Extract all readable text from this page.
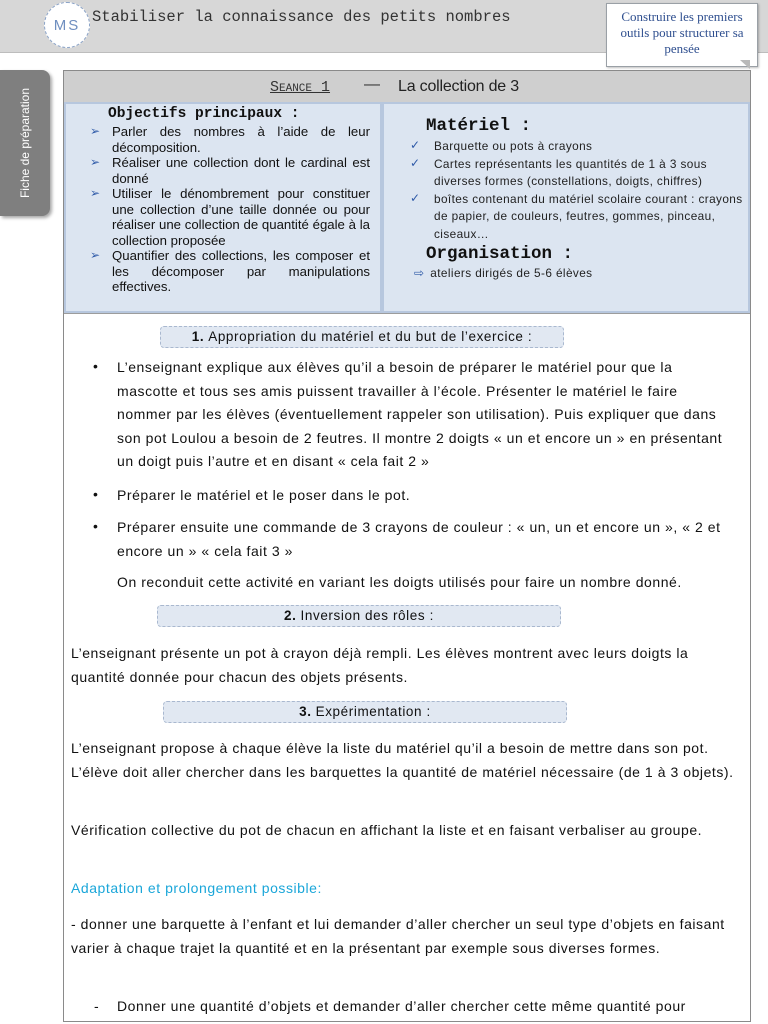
MS Stabiliser la connaissance des petits nombres	Construire les premiers outils pour structurer sa pensée
Fiche de préparation
Seance 1 — La collection de 3
Objectifs principaux :
➢ Parler des nombres à l’aide de leur décomposition.
➢ Réaliser une collection dont le cardinal est donné
➢ Utiliser le dénombrement pour constituer une collection d’une taille donnée ou pour réaliser une collection de quantité égale à la collection proposée
➢ Quantifier des collections, les composer et les décomposer par manipulations effectives.
Matériel :
✓ Barquette ou pots à crayons
✓ Cartes représentants les quantités de 1 à 3 sous diverses formes (constellations, doigts, chiffres)
✓ boîtes contenant du matériel scolaire courant : crayons de papier, de couleurs, feutres, gommes, pinceau, ciseaux…
Organisation :
⇨ ateliers dirigés de 5-6 élèves
1. Appropriation du matériel et du but de l’exercice :
• L’enseignant explique aux élèves qu’il a besoin de préparer le matériel pour que la mascotte et tous ses amis puissent travailler à l’école. Présenter le matériel le faire nommer par les élèves (éventuellement rappeler son utilisation). Puis expliquer que dans son pot Loulou a besoin de 2 feutres. Il montre 2 doigts « un et encore un » en présentant un doigt puis l’autre et en disant « cela fait 2 »
• Préparer le matériel et le poser dans le pot.
• Préparer ensuite une commande de 3 crayons de couleur : « un, un et encore un », « 2 et encore un » « cela fait 3 »
On reconduit cette activité en variant les doigts utilisés pour faire un nombre donné.
2. Inversion des rôles :
L’enseignant présente un pot à crayon déjà rempli. Les élèves montrent avec leurs doigts la quantité donnée pour chacun des objets présents.
3. Expérimentation :
L’enseignant propose à chaque élève la liste du matériel qu’il a besoin de mettre dans son pot. L’élève doit aller chercher dans les barquettes la quantité de matériel nécessaire (de 1 à 3 objets).
Vérification collective du pot de chacun en affichant la liste et en faisant verbaliser au groupe.
Adaptation et prolongement possible:
- donner une barquette à l’enfant et lui demander d’aller chercher un seul type d’objets en faisant varier à chaque trajet la quantité et en la présentant par exemple sous diverses formes.
- Donner une quantité d’objets et demander d’aller chercher cette même quantité pour
